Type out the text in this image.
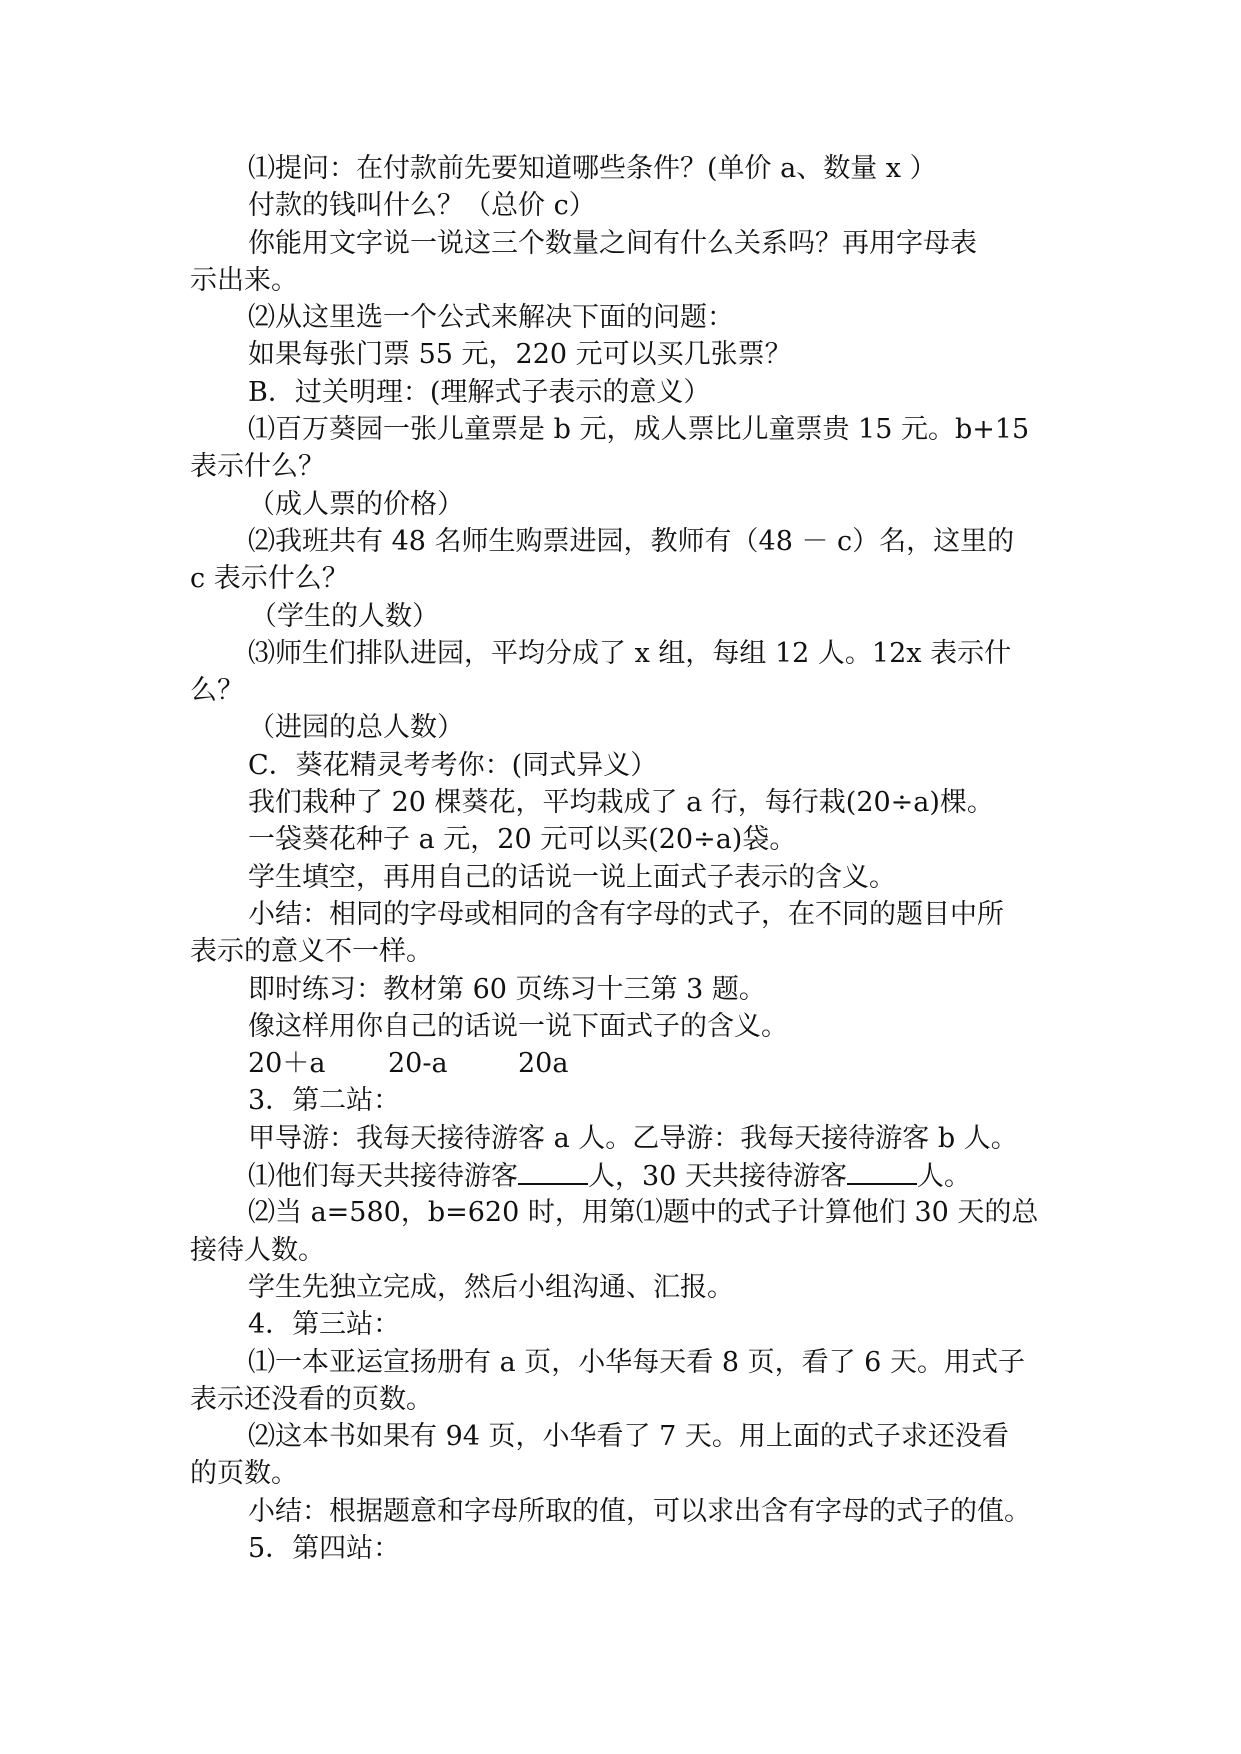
⑴提问：在付款前先要知道哪些条件？(单价 a、数量 x ）
付款的钱叫什么？（总价 c）
你能用文字说一说这三个数量之间有什么关系吗？再用字母表
示出来。
⑵从这里选一个公式来解决下面的问题：
如果每张门票 55 元，220 元可以买几张票？
B．过关明理：(理解式子表示的意义）
⑴百万葵园一张儿童票是 b 元，成人票比儿童票贵 15 元。b+15
表示什么？
（成人票的价格）
⑵我班共有 48 名师生购票进园，教师有（48 － c）名，这里的
c 表示什么？
（学生的人数）
⑶师生们排队进园，平均分成了 x 组，每组 12 人。12x 表示什
么？
（进园的总人数）
C．葵花精灵考考你：(同式异义）
我们栽种了 20 棵葵花，平均栽成了 a 行，每行栽(20÷a)棵。
一袋葵花种子 a 元，20 元可以买(20÷a)袋。
学生填空，再用自己的话说一说上面式子表示的含义。
小结：相同的字母或相同的含有字母的式子，在不同的题目中所
表示的意义不一样。
即时练习：教材第 60 页练习十三第 3 题。
像这样用你自己的话说一说下面式子的含义。
20＋a	20-a	20a
3．第二站：
甲导游：我每天接待游客 a 人。乙导游：我每天接待游客 b 人。
⑴他们每天共接待游客	人，30 天共接待游客	人。
⑵当 a=580，b=620 时，用第⑴题中的式子计算他们 30 天的总
接待人数。
学生先独立完成，然后小组沟通、汇报。
4．第三站：
⑴一本亚运宣扬册有 a 页，小华每天看 8 页，看了 6 天。用式子
表示还没看的页数。
⑵这本书如果有 94 页，小华看了 7 天。用上面的式子求还没看
的页数。
小结：根据题意和字母所取的值，可以求出含有字母的式子的值。
5．第四站：
